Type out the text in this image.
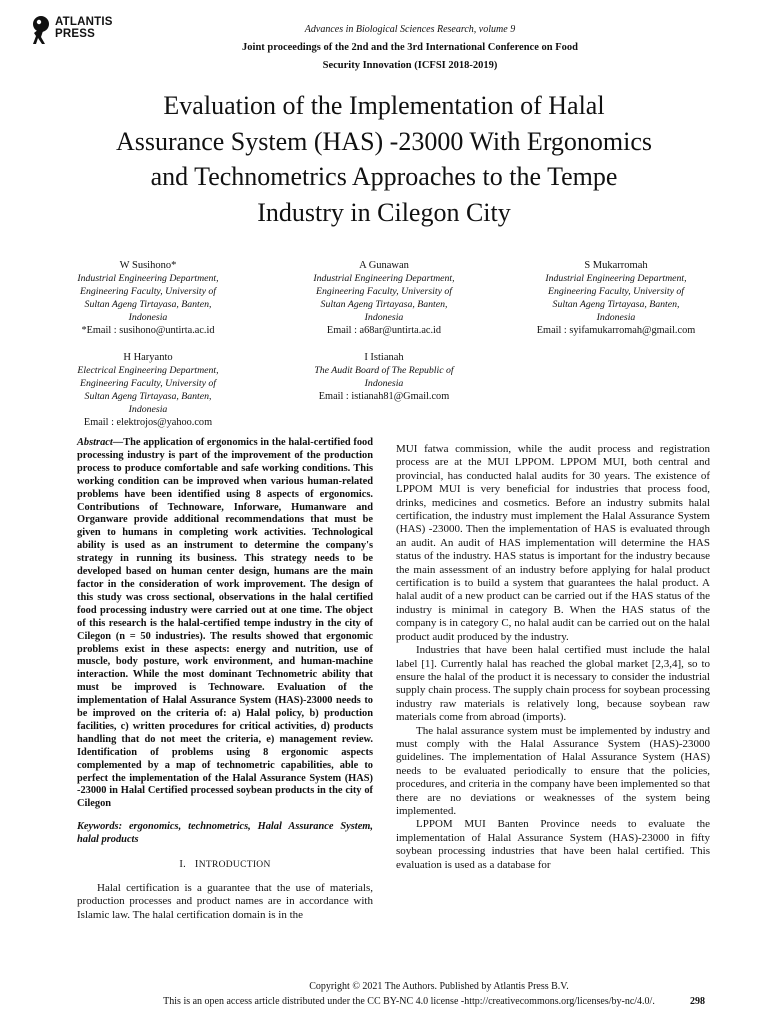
ATLANTIS
PRESS	Advances in Biological Sciences Research, volume 9
Joint proceedings of the 2nd and the 3rd International Conference on Food
Security Innovation (ICFSI 2018-2019)
Evaluation of the Implementation of Halal
Assurance System (HAS) -23000 With Ergonomics
and Technometrics Approaches to the Tempe
Industry in Cilegon City
W Susihono*
Industrial Engineering Department,
Engineering Faculty, University of
Sultan Ageng Tirtayasa, Banten,
Indonesia
*Email : susihono@untirta.ac.id
A Gunawan
Industrial Engineering Department,
Engineering Faculty, University of
Sultan Ageng Tirtayasa, Banten,
Indonesia
Email : a68ar@untirta.ac.id
S Mukarromah
Industrial Engineering Department,
Engineering Faculty, University of
Sultan Ageng Tirtayasa, Banten,
Indonesia
Email : syifamukarromah@gmail.com
H Haryanto
Electrical Engineering Department,
Engineering Faculty, University of
Sultan Ageng Tirtayasa, Banten,
Indonesia
Email : elektrojos@yahoo.com
I Istianah
The Audit Board of The Republic of
Indonesia
Email : istianah81@Gmail.com
Abstract—The application of ergonomics in the halal-certified food processing industry is part of the improvement of the production process to produce comfortable and safe working conditions. This working condition can be improved when various human-related problems have been identified using 8 aspects of ergonomics. Contributions of Technoware, Inforware, Humanware and Organware provide additional recommendations that must be given to humans in completing work activities. Technological ability is used as an instrument to determine the company's strategy in running its business. This strategy needs to be developed based on human center design, humans are the main factor in the consideration of work improvement. The design of this study was cross sectional, observations in the halal certified food processing industry were carried out at one time. The object of this research is the halal-certified tempe industry in the city of Cilegon (n = 50 industries). The results showed that ergonomic problems exist in these aspects: energy and nutrition, use of muscle, body posture, work environment, and human-machine interaction. While the most dominant Technometric ability that must be improved is Technoware. Evaluation of the implementation of Halal Assurance System (HAS)-23000 needs to be improved on the criteria of: a) Halal policy, b) production facilities, c) written procedures for critical activities, d) products handling that do not meet the criteria, e) management review. Identification of problems using 8 ergonomic aspects complemented by a map of technometric capabilities, able to perfect the implementation of the Halal Assurance System (HAS) -23000 in Halal Certified processed soybean products in the city of Cilegon
Keywords: ergonomics, technometrics, Halal Assurance System, halal products
I. INTRODUCTION
Halal certification is a guarantee that the use of materials, production processes and product names are in accordance with Islamic law. The halal certification domain is in the
MUI fatwa commission, while the audit process and registration process are at the MUI LPPOM. LPPOM MUI, both central and provincial, has conducted halal audits for 30 years. The existence of LPPOM MUI is very beneficial for industries that process food, drinks, medicines and cosmetics. Before an industry submits halal certification, the industry must implement the Halal Assurance System (HAS) -23000. Then the implementation of HAS is evaluated through an audit. An audit of HAS implementation will determine the HAS status of the industry. HAS status is important for the industry because the main assessment of an industry before applying for halal product certification is to build a system that guarantees the halal product. A halal audit of a new product can be carried out if the HAS status of the industry is minimal in category B. When the HAS status of the company is in category C, no halal audit can be carried out on the halal product audit produced by the industry.
Industries that have been halal certified must include the halal label [1]. Currently halal has reached the global market [2,3,4], so to ensure the halal of the product it is necessary to consider the industrial supply chain process. The supply chain process for soybean processing industry raw materials is relatively long, because soybean raw materials come from abroad (imports).
The halal assurance system must be implemented by industry and must comply with the Halal Assurance System (HAS)-23000 guidelines. The implementation of Halal Assurance System (HAS) needs to be evaluated periodically to ensure that the policies, procedures, and criteria in the company have been implemented so that there are no deviations or weaknesses of the system being implemented.
LPPOM MUI Banten Province needs to evaluate the implementation of Halal Assurance System (HAS)-23000 in fifty soybean processing industries that have been halal certified. This evaluation is used as a database for
Copyright © 2021 The Authors. Published by Atlantis Press B.V.
This is an open access article distributed under the CC BY-NC 4.0 license -http://creativecommons.org/licenses/by-nc/4.0/.	298
